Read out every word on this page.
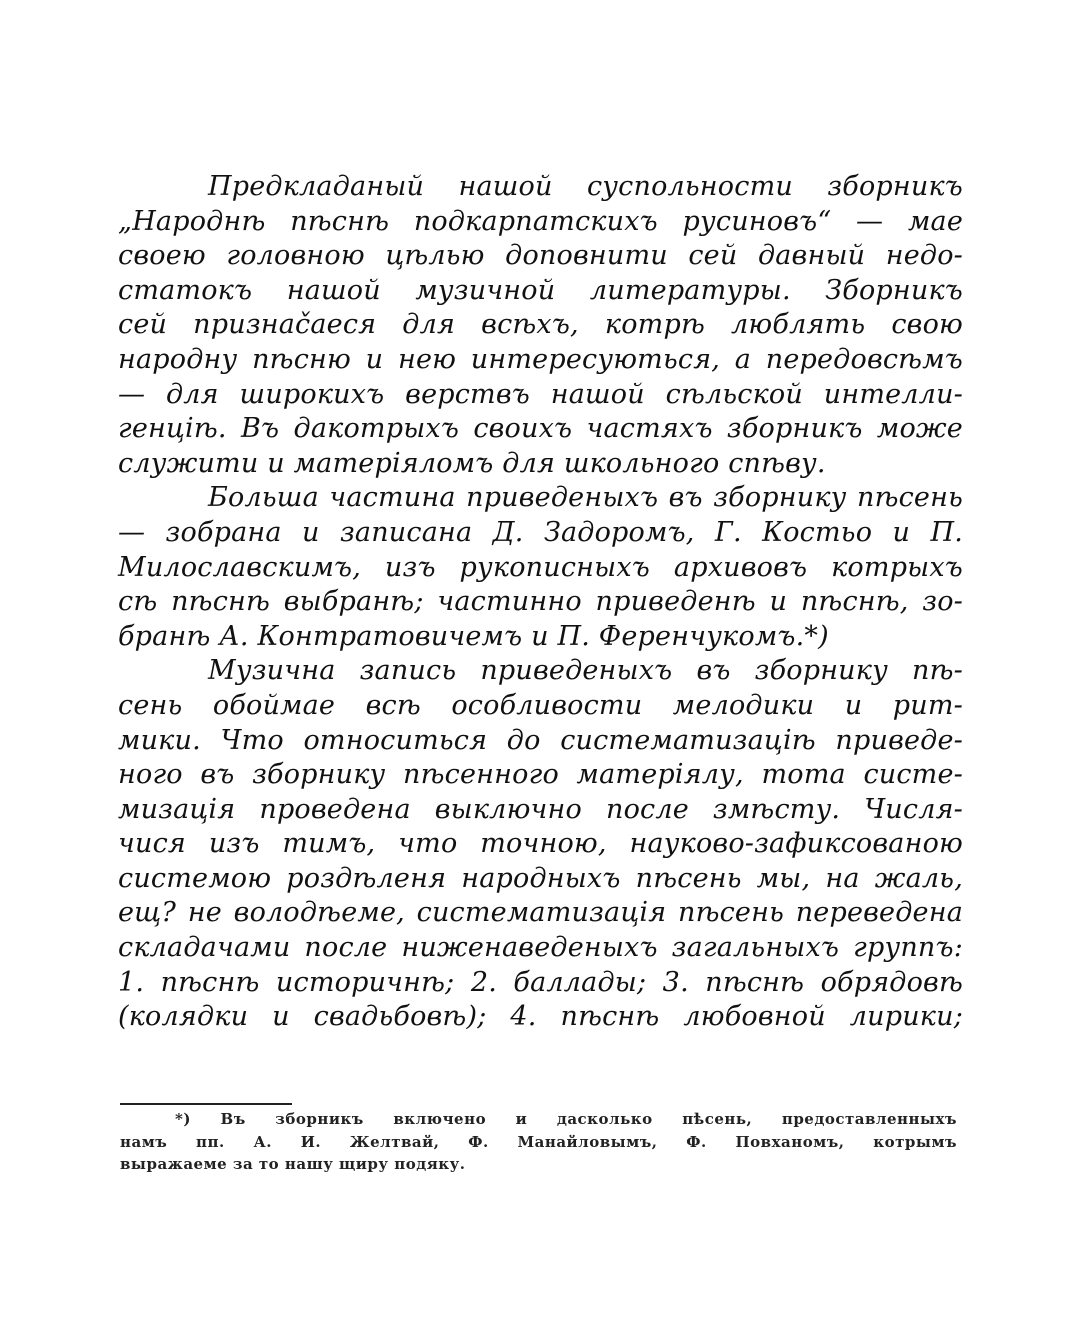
Предкладаный нашой суспольности зборникъ
„Народнѣ пѣснѣ подкарпатскихъ русиновъ“ — мае
своею головною цѣлью доповнити сей давный недо-
статокъ нашой музичной литературы. Зборникъ
сей признačаеся для всѣхъ, котрѣ люблять свою
народну пѣсню и нею интересуються, а передовсѣмъ
— для широкихъ верствъ нашой сѣльской интелли-
генціѣ. Въ дакотрыхъ своихъ частяхъ зборникъ може
служити и матеріяломъ для школьного спѣву.
Больша частина приведеныхъ въ зборнику пѣсень
— зобрана и записана Д. Задоромъ, Г. Костьо и П.
Милославскимъ, изъ рукописныхъ архивовъ котрыхъ
сѣ пѣснѣ выбранѣ; частинно приведенѣ и пѣснѣ, зо-
бранѣ А. Контратовичемъ и П. Ференчукомъ.*)
Музична запись приведеныхъ въ зборнику пѣ-
сень обоймае всѣ особливости мелодики и рит-
мики. Что относиться до систематизаціѣ приведе-
ного въ зборнику пѣсенного матеріялу, тота систе-
мизація проведена выключно после змѣсту. Числя-
чися изъ тимъ, что точною, науково-зафиксованою
системою роздѣленя народныхъ пѣсень мы, на жаль,
ещ? не володѣеме, систематизація пѣсень переведена
складачами после ниженаведеныхъ загальныхъ группъ:
1. пѣснѣ историчнѣ; 2. баллады; 3. пѣснѣ обрядовѣ
(колядки и свадьбовѣ); 4. пѣснѣ любовной лирики;
*) Въ зборникъ включено и дасколько пѣсень, предоставленныхъ
намъ пп. А. И. Желтвай, Ф. Манайловымъ, Ф. Повханомъ, котрымъ
выражаеме за то нашу щиру подяку.
